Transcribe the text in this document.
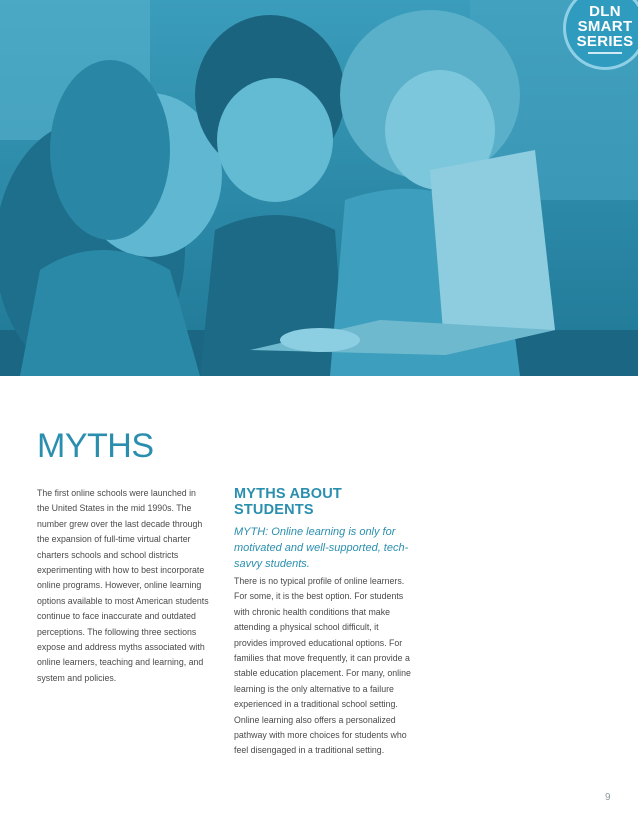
DLN
SMART
SERIES
MYTHS

The first online schools were launched in the United States in the mid 1990s. The number grew over the last decade through the expansion of full-time virtual charter charters schools and school districts experimenting with how to best incorporate online programs. However, online learning options available to most American students continue to face inaccurate and outdated perceptions. The following three sections expose and address myths associated with online learners, teaching and learning, and system and policies.

MYTHS ABOUT STUDENTS

MYTH: Online learning is only for motivated and well-supported, tech-savvy students.

There is no typical profile of online learners. For some, it is the best option. For students with chronic health conditions that make attending a physical school difficult, it provides improved educational options. For families that move frequently, it can provide a stable education placement. For many, online learning is the only alternative to a failure experienced in a traditional school setting. Online learning also offers a personalized pathway with more choices for students who feel disengaged in a traditional setting.

9
